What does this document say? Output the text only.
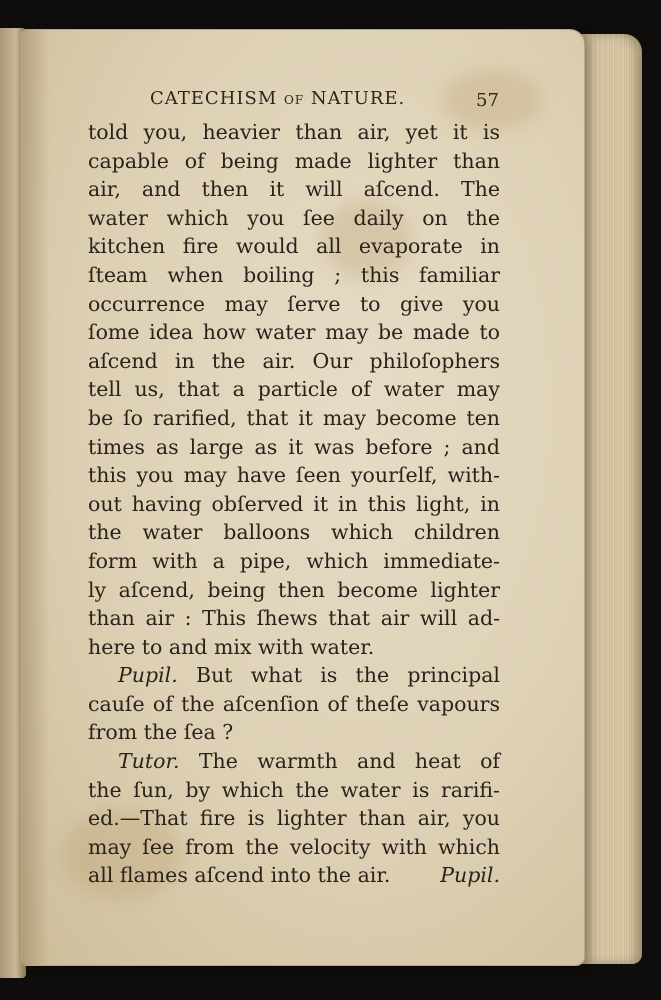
CATECHISM OF NATURE.	57
told you, heavier than air, yet it is
capable of being made lighter than
air, and then it will aſcend. The
water which you ſee daily on the
kitchen fire would all evaporate in
ſteam when boiling ; this familiar
occurrence may ſerve to give you
ſome idea how water may be made to
aſcend in the air. Our philoſophers
tell us, that a particle of water may
be ſo rarified, that it may become ten
times as large as it was before ; and
this you may have ſeen yourſelf, with-
out having obſerved it in this light, in
the water balloons which children
form with a pipe, which immediate-
ly aſcend, being then become lighter
than air : This ſhews that air will ad-
here to and mix with water.
Pupil. But what is the principal
cauſe of the aſcenſion of theſe vapours
from the ſea ?
Tutor. The warmth and heat of
the ſun, by which the water is rarifi-
ed.—That fire is lighter than air, you
may ſee from the velocity with which
all flames aſcend into the air. Pupil.
